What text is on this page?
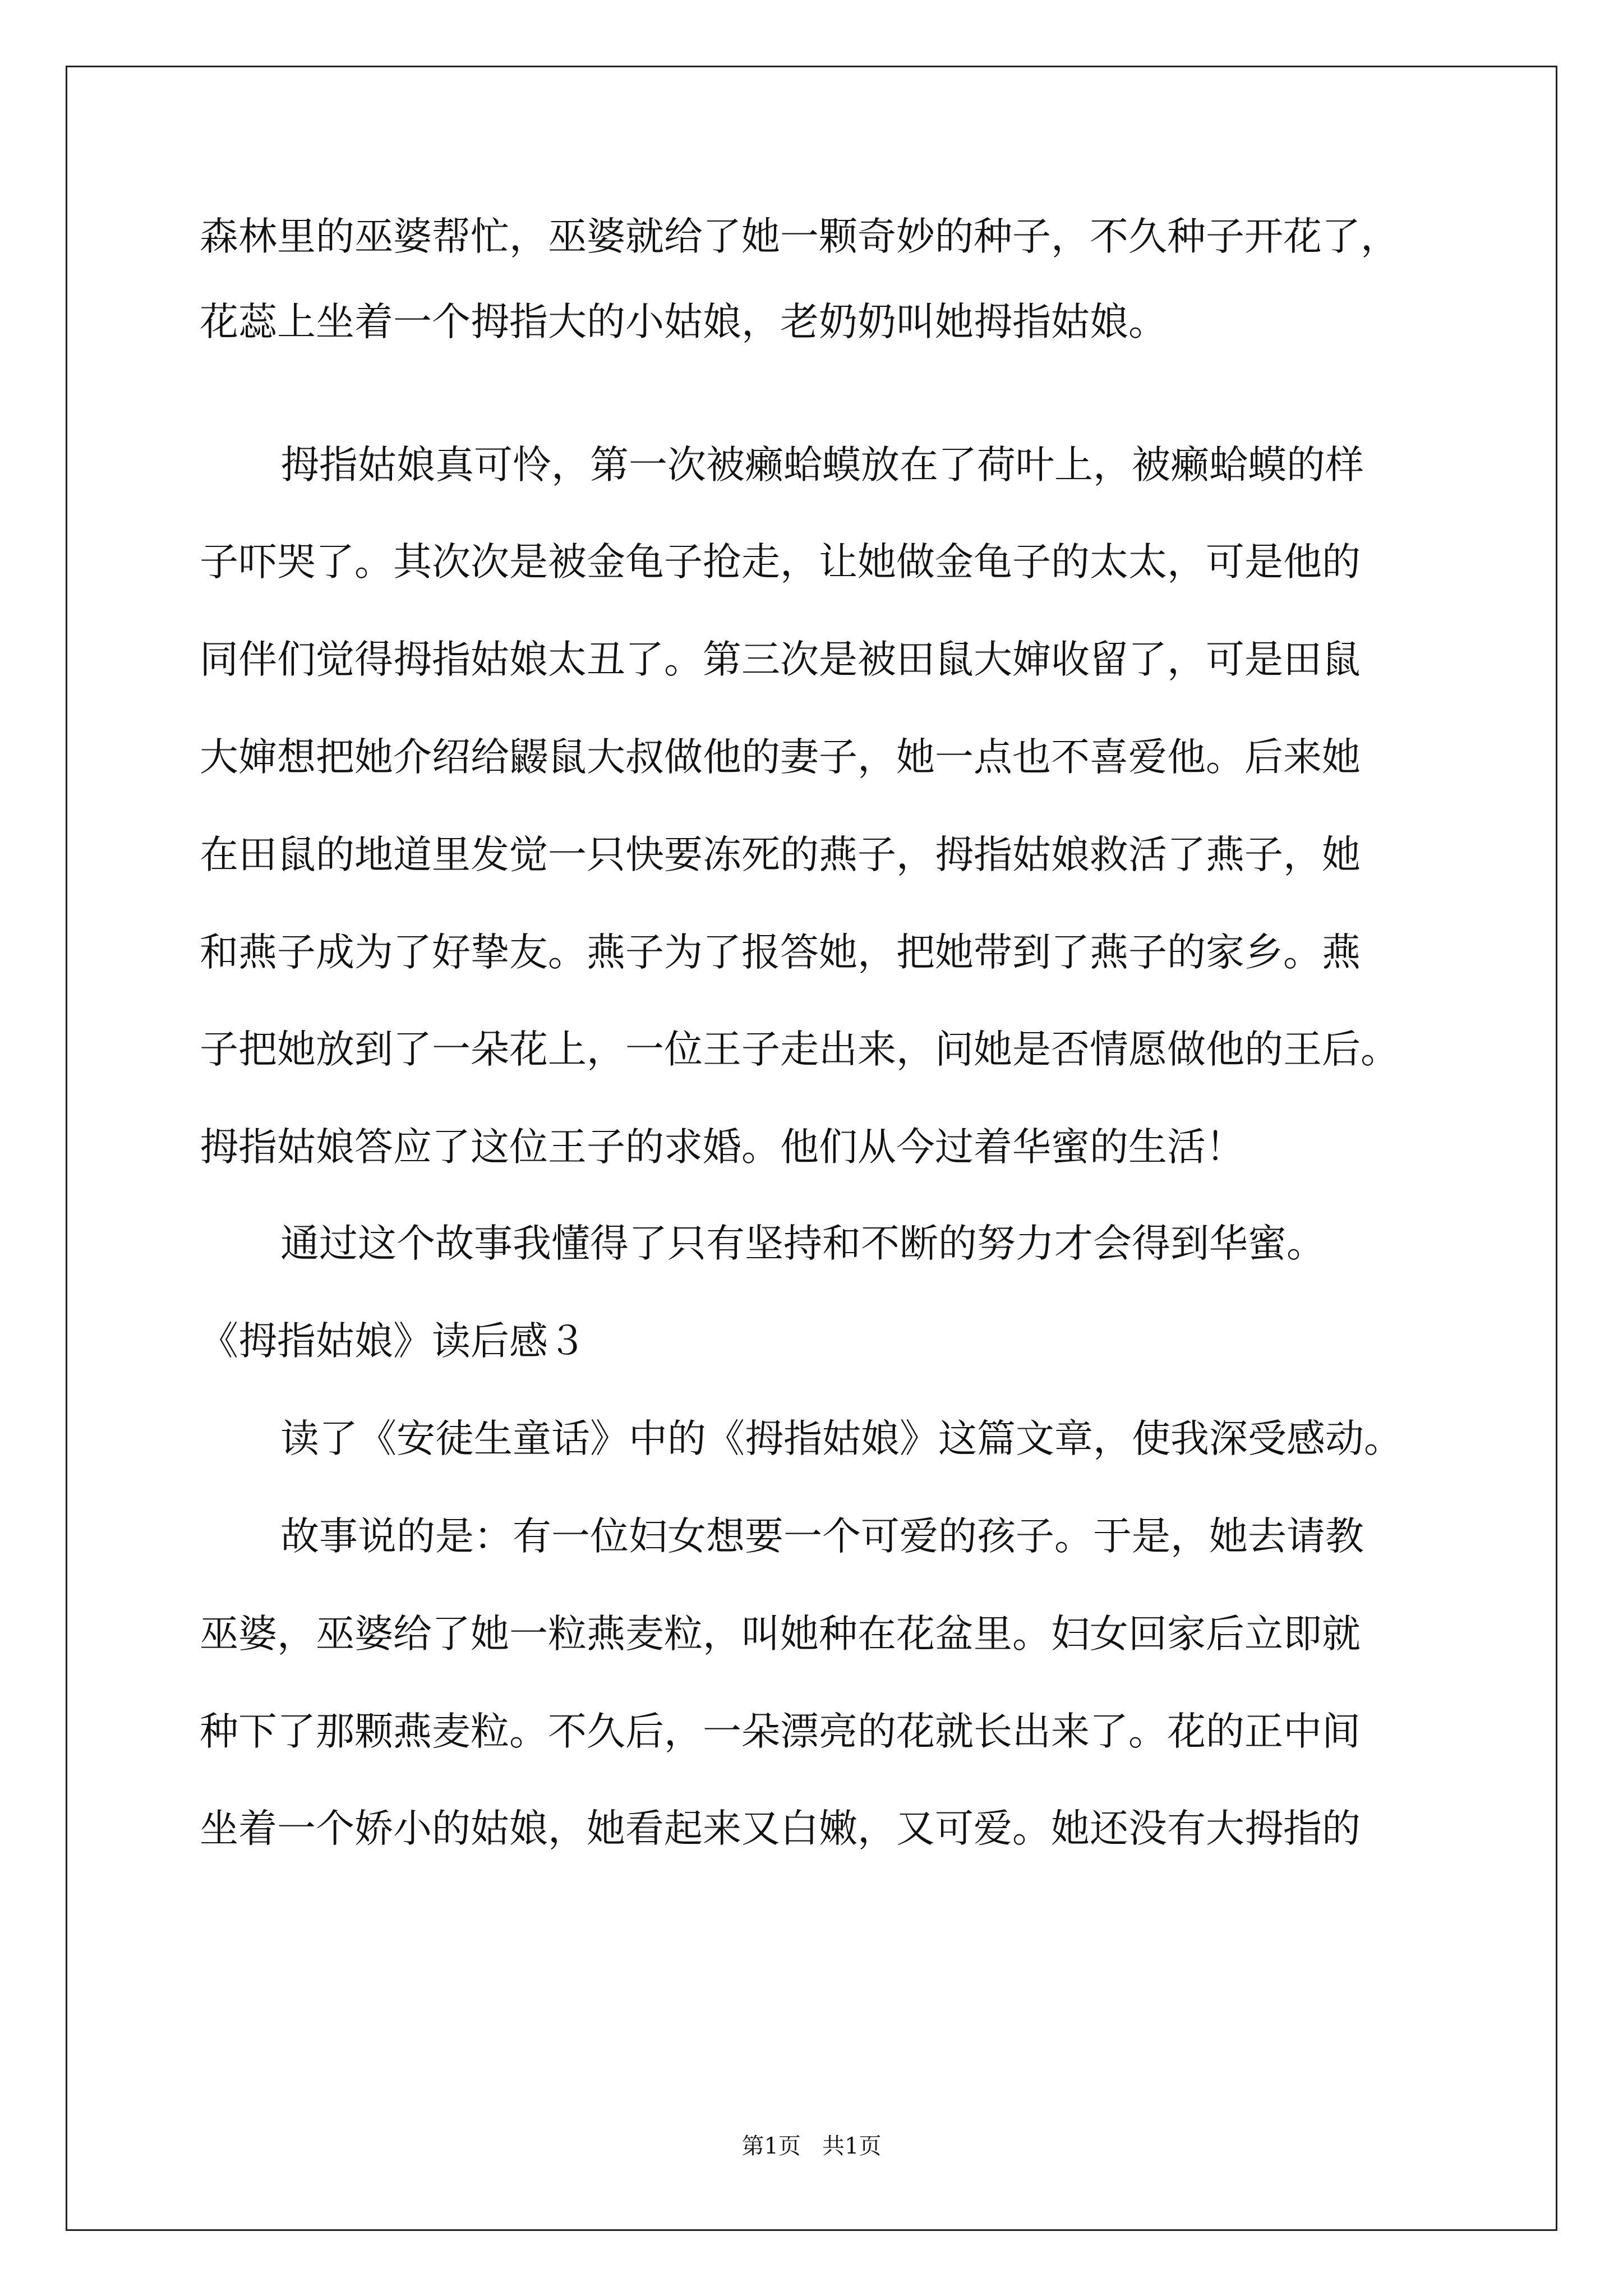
森林里的巫婆帮忙，巫婆就给了她一颗奇妙的种子，不久种子开花了，
花蕊上坐着一个拇指大的小姑娘，老奶奶叫她拇指姑娘。
拇指姑娘真可怜，第一次被癞蛤蟆放在了荷叶上，被癞蛤蟆的样
子吓哭了。其次次是被金龟子抢走，让她做金龟子的太太，可是他的
同伴们觉得拇指姑娘太丑了。第三次是被田鼠大婶收留了，可是田鼠
大婶想把她介绍给鼹鼠大叔做他的妻子，她一点也不喜爱他。后来她
在田鼠的地道里发觉一只快要冻死的燕子，拇指姑娘救活了燕子，她
和燕子成为了好挚友。燕子为了报答她，把她带到了燕子的家乡。燕
子把她放到了一朵花上，一位王子走出来，问她是否情愿做他的王后。
拇指姑娘答应了这位王子的求婚。他们从今过着华蜜的生活！
通过这个故事我懂得了只有坚持和不断的努力才会得到华蜜。
《拇指姑娘》读后感３
读了《安徒生童话》中的《拇指姑娘》这篇文章，使我深受感动。
故事说的是：有一位妇女想要一个可爱的孩子。于是，她去请教
巫婆，巫婆给了她一粒燕麦粒，叫她种在花盆里。妇女回家后立即就
种下了那颗燕麦粒。不久后，一朵漂亮的花就长出来了。花的正中间
坐着一个娇小的姑娘，她看起来又白嫩，又可爱。她还没有大拇指的
第1页   共1页
